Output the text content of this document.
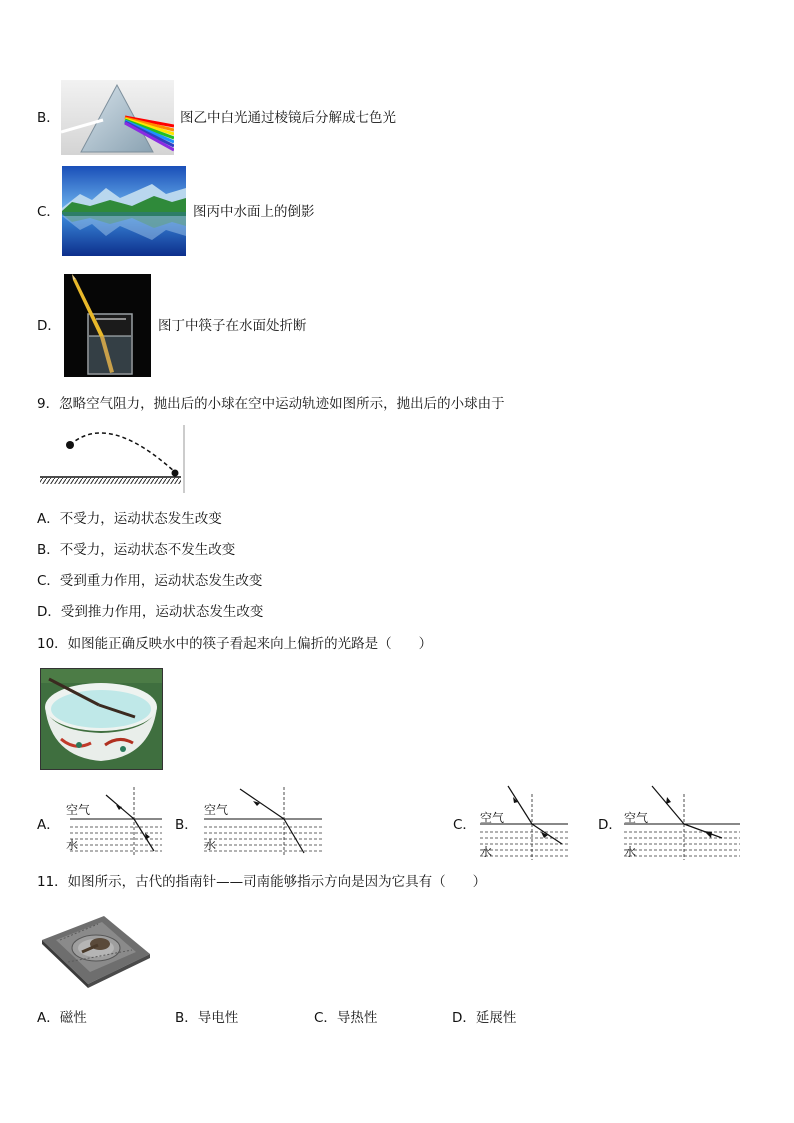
B．	图乙中白光通过棱镜后分解成七色光
C．	图丙中水面上的倒影
D．	图丁中筷子在水面处折断
9．忽略空气阻力，抛出后的小球在空中运动轨迹如图所示，抛出后的小球由于
A．不受力，运动状态发生改变
B．不受力，运动状态不发生改变
C．受到重力作用，运动状态发生改变
D．受到推力作用，运动状态发生改变
10．如图能正确反映水中的筷子看起来向上偏折的光路是（　　）
A．
空气
水
B．
空气
水
C． 空气
水
D． 空气
水
11．如图所示，古代的指南针——司南能够指示方向是因为它具有（　　）
A．磁性	B．导电性	C．导热性	D．延展性
